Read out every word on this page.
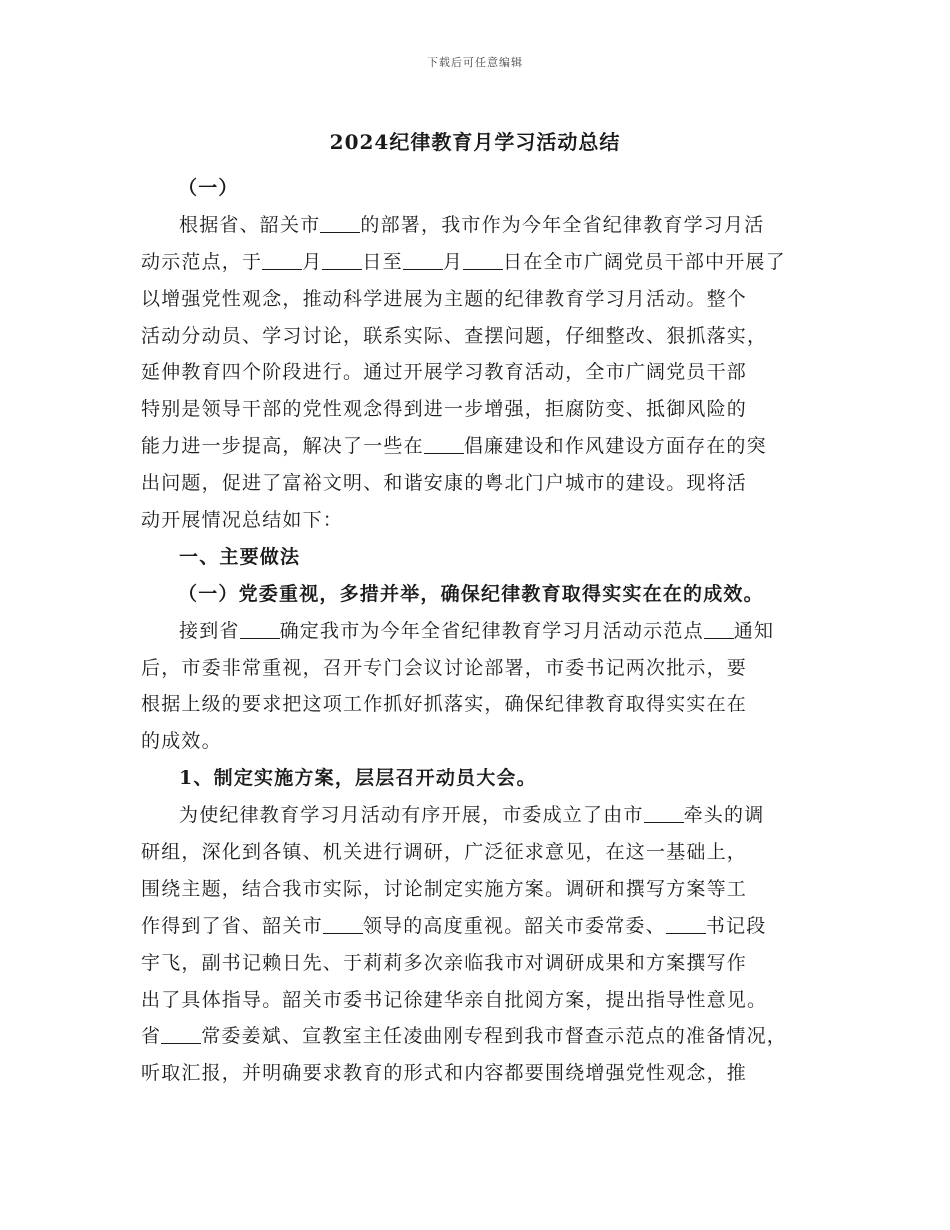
下载后可任意编辑
2024纪律教育月学习活动总结
（一）
根据省、韶关市 的部署，我市作为今年全省纪律教育学习月活
动示范点，于 月 日至 月 日在全市广阔党员干部中开展了
以增强党性观念，推动科学进展为主题的纪律教育学习月活动。整个
活动分动员、学习讨论，联系实际、查摆问题，仔细整改、狠抓落实，
延伸教育四个阶段进行。通过开展学习教育活动，全市广阔党员干部
特别是领导干部的党性观念得到进一步增强，拒腐防变、抵御风险的
能力进一步提高，解决了一些在 倡廉建设和作风建设方面存在的突
出问题，促进了富裕文明、和谐安康的粤北门户城市的建设。现将活
动开展情况总结如下：
一、主要做法
（一）党委重视，多措并举，确保纪律教育取得实实在在的成效。
接到省 确定我市为今年全省纪律教育学习月活动示范点 通知
后，市委非常重视，召开专门会议讨论部署，市委书记两次批示，要
根据上级的要求把这项工作抓好抓落实，确保纪律教育取得实实在在
的成效。
1、制定实施方案，层层召开动员大会。
为使纪律教育学习月活动有序开展，市委成立了由市 牵头的调
研组，深化到各镇、机关进行调研，广泛征求意见，在这一基础上，
围绕主题，结合我市实际，讨论制定实施方案。调研和撰写方案等工
作得到了省、韶关市 领导的高度重视。韶关市委常委、 书记段
宇飞，副书记赖日先、于莉莉多次亲临我市对调研成果和方案撰写作
出了具体指导。韶关市委书记徐建华亲自批阅方案，提出指导性意见。
省 常委姜斌、宣教室主任凌曲刚专程到我市督查示范点的准备情况，
听取汇报，并明确要求教育的形式和内容都要围绕增强党性观念，推
